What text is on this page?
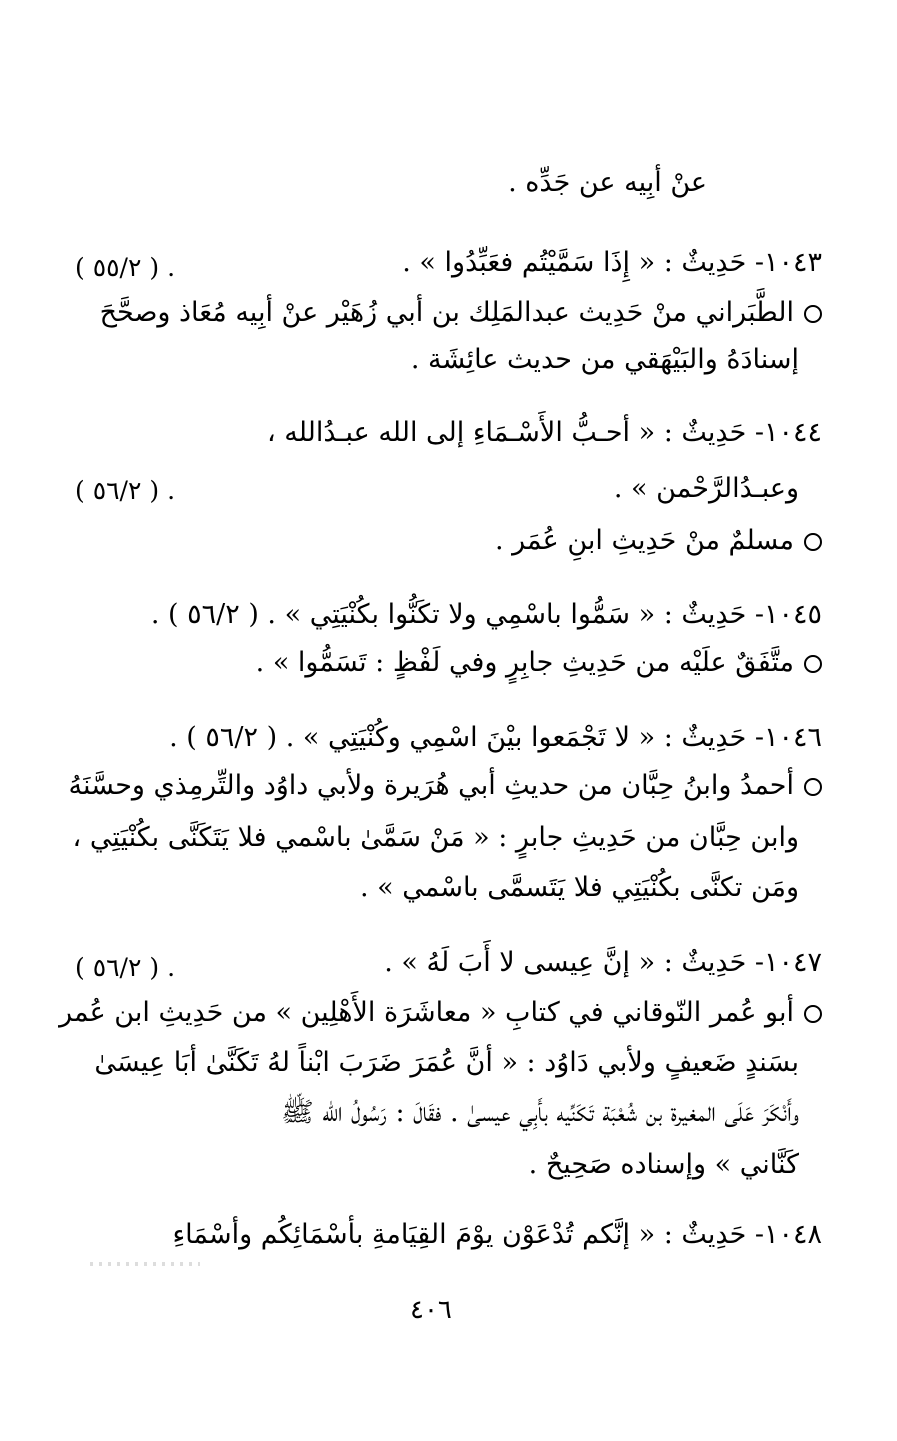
عنْ أبِيه عن جَدِّه .
١٠٤٣- حَدِيثٌ : « إِذَا سَمَّيْتُم فعَبِّدُوا » .
. ( ٥٥/٢ )
الطَّبَراني منْ حَدِيث عبدالمَلِك بن أبي زُهَيْر عنْ أبِيه مُعَاذ وصحَّحَ
إسنادَهُ والبَيْهَقي من حديث عائِشَة .
١٠٤٤- حَدِيثٌ : « أحـبُّ الأَسْـمَاءِ إلى الله عبـدُالله ،
وعبـدُالرَّحْمن » .
. ( ٥٦/٢ )
مسلمٌ منْ حَدِيثِ ابنِ عُمَر .
١٠٤٥- حَدِيثٌ : « سَمُّوا باسْمِي ولا تكَنُّوا بكُنْيَتِي » . ( ٥٦/٢ ) .
متَّفَقٌ علَيْه من حَدِيثِ جابِرٍ وفي لَفْظٍ : تَسَمُّوا » .
١٠٤٦- حَدِيثٌ : « لا تَجْمَعوا بيْنَ اسْمِي وكُنْيَتِي » . ( ٥٦/٢ ) .
أحمدُ وابنُ حِبَّان من حديثِ أبي هُرَيرة ولأبي داوُد والتِّرمِذي وحسَّنَهُ
وابن حِبَّان من حَدِيثِ جابرٍ : « مَنْ سَمَّىٰ باسْمي فلا يَتَكَنَّى بكُنْيَتِي ،
ومَن تكنَّى بكُنْيَتِي فلا يَتَسمَّى باسْمي » .
١٠٤٧- حَدِيثٌ : « إنَّ عِيسى لا أَبَ لَهُ » .
. ( ٥٦/٢ )
أبو عُمر النّوقاني في كتابِ « معاشَرَة الأَهْلِين » من حَدِيثِ ابن عُمر
بسَندٍ ضَعيفٍ ولأبي دَاوُد : « أنَّ عُمَرَ ضَرَبَ ابْناً لهُ تَكَنَّىٰ أبَا عِيسَىٰ
وأَنْكَرَ عَلَى المغيرة بن شُعْبَة تَكَنِّيه بأَبِي عيسىٰ . فقَالَ : رَسُولُ الله ﷺ
كَنَّاني » وإسناده صَحِيحٌ .
١٠٤٨- حَدِيثٌ : « إنَّكم تُدْعَوْن يوْمَ القِيَامةِ بأسْمَائِكُم وأسْمَاءِ
٤٠٦
